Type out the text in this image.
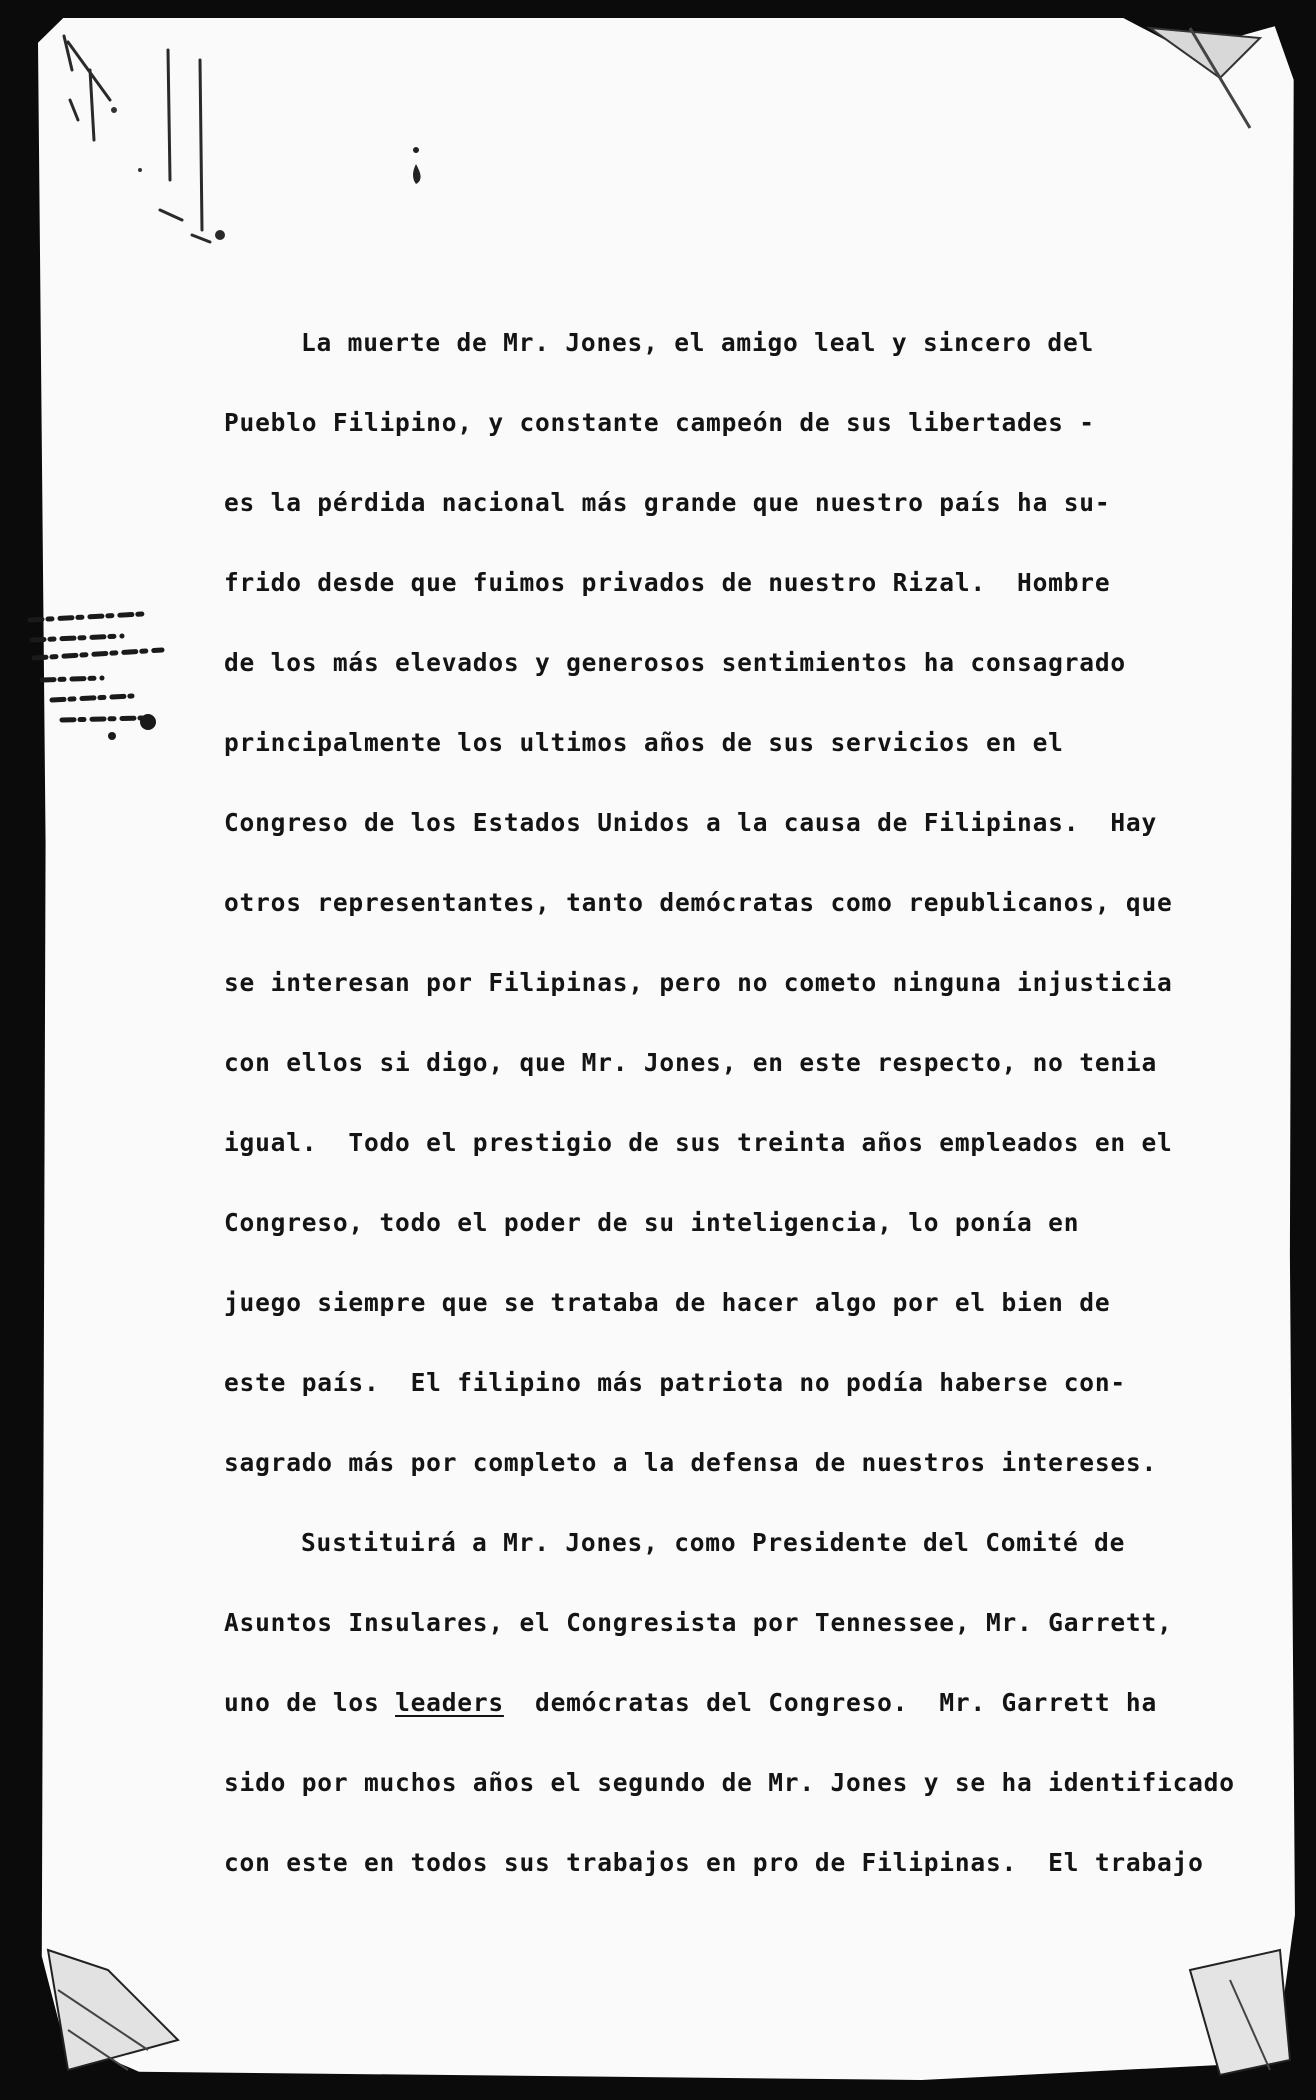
La muerte de Mr. Jones, el amigo leal y sincero del
Pueblo Filipino, y constante campeón de sus libertades -
es la pérdida nacional más grande que nuestro país ha su-
frido desde que fuimos privados de nuestro Rizal.  Hombre
de los más elevados y generosos sentimientos ha consagrado
principalmente los ultimos años de sus servicios en el
Congreso de los Estados Unidos a la causa de Filipinas.  Hay
otros representantes, tanto demócratas como republicanos, que
se interesan por Filipinas, pero no cometo ninguna injusticia
con ellos si digo, que Mr. Jones, en este respecto, no tenia
igual.  Todo el prestigio de sus treinta años empleados en el
Congreso, todo el poder de su inteligencia, lo ponía en
juego siempre que se trataba de hacer algo por el bien de
este país.  El filipino más patriota no podía haberse con-
sagrado más por completo a la defensa de nuestros intereses.
Sustituirá a Mr. Jones, como Presidente del Comité de
Asuntos Insulares, el Congresista por Tennessee, Mr. Garrett,
uno de los leaders  demócratas del Congreso.  Mr. Garrett ha
sido por muchos años el segundo de Mr. Jones y se ha identificado
con este en todos sus trabajos en pro de Filipinas.  El trabajo
